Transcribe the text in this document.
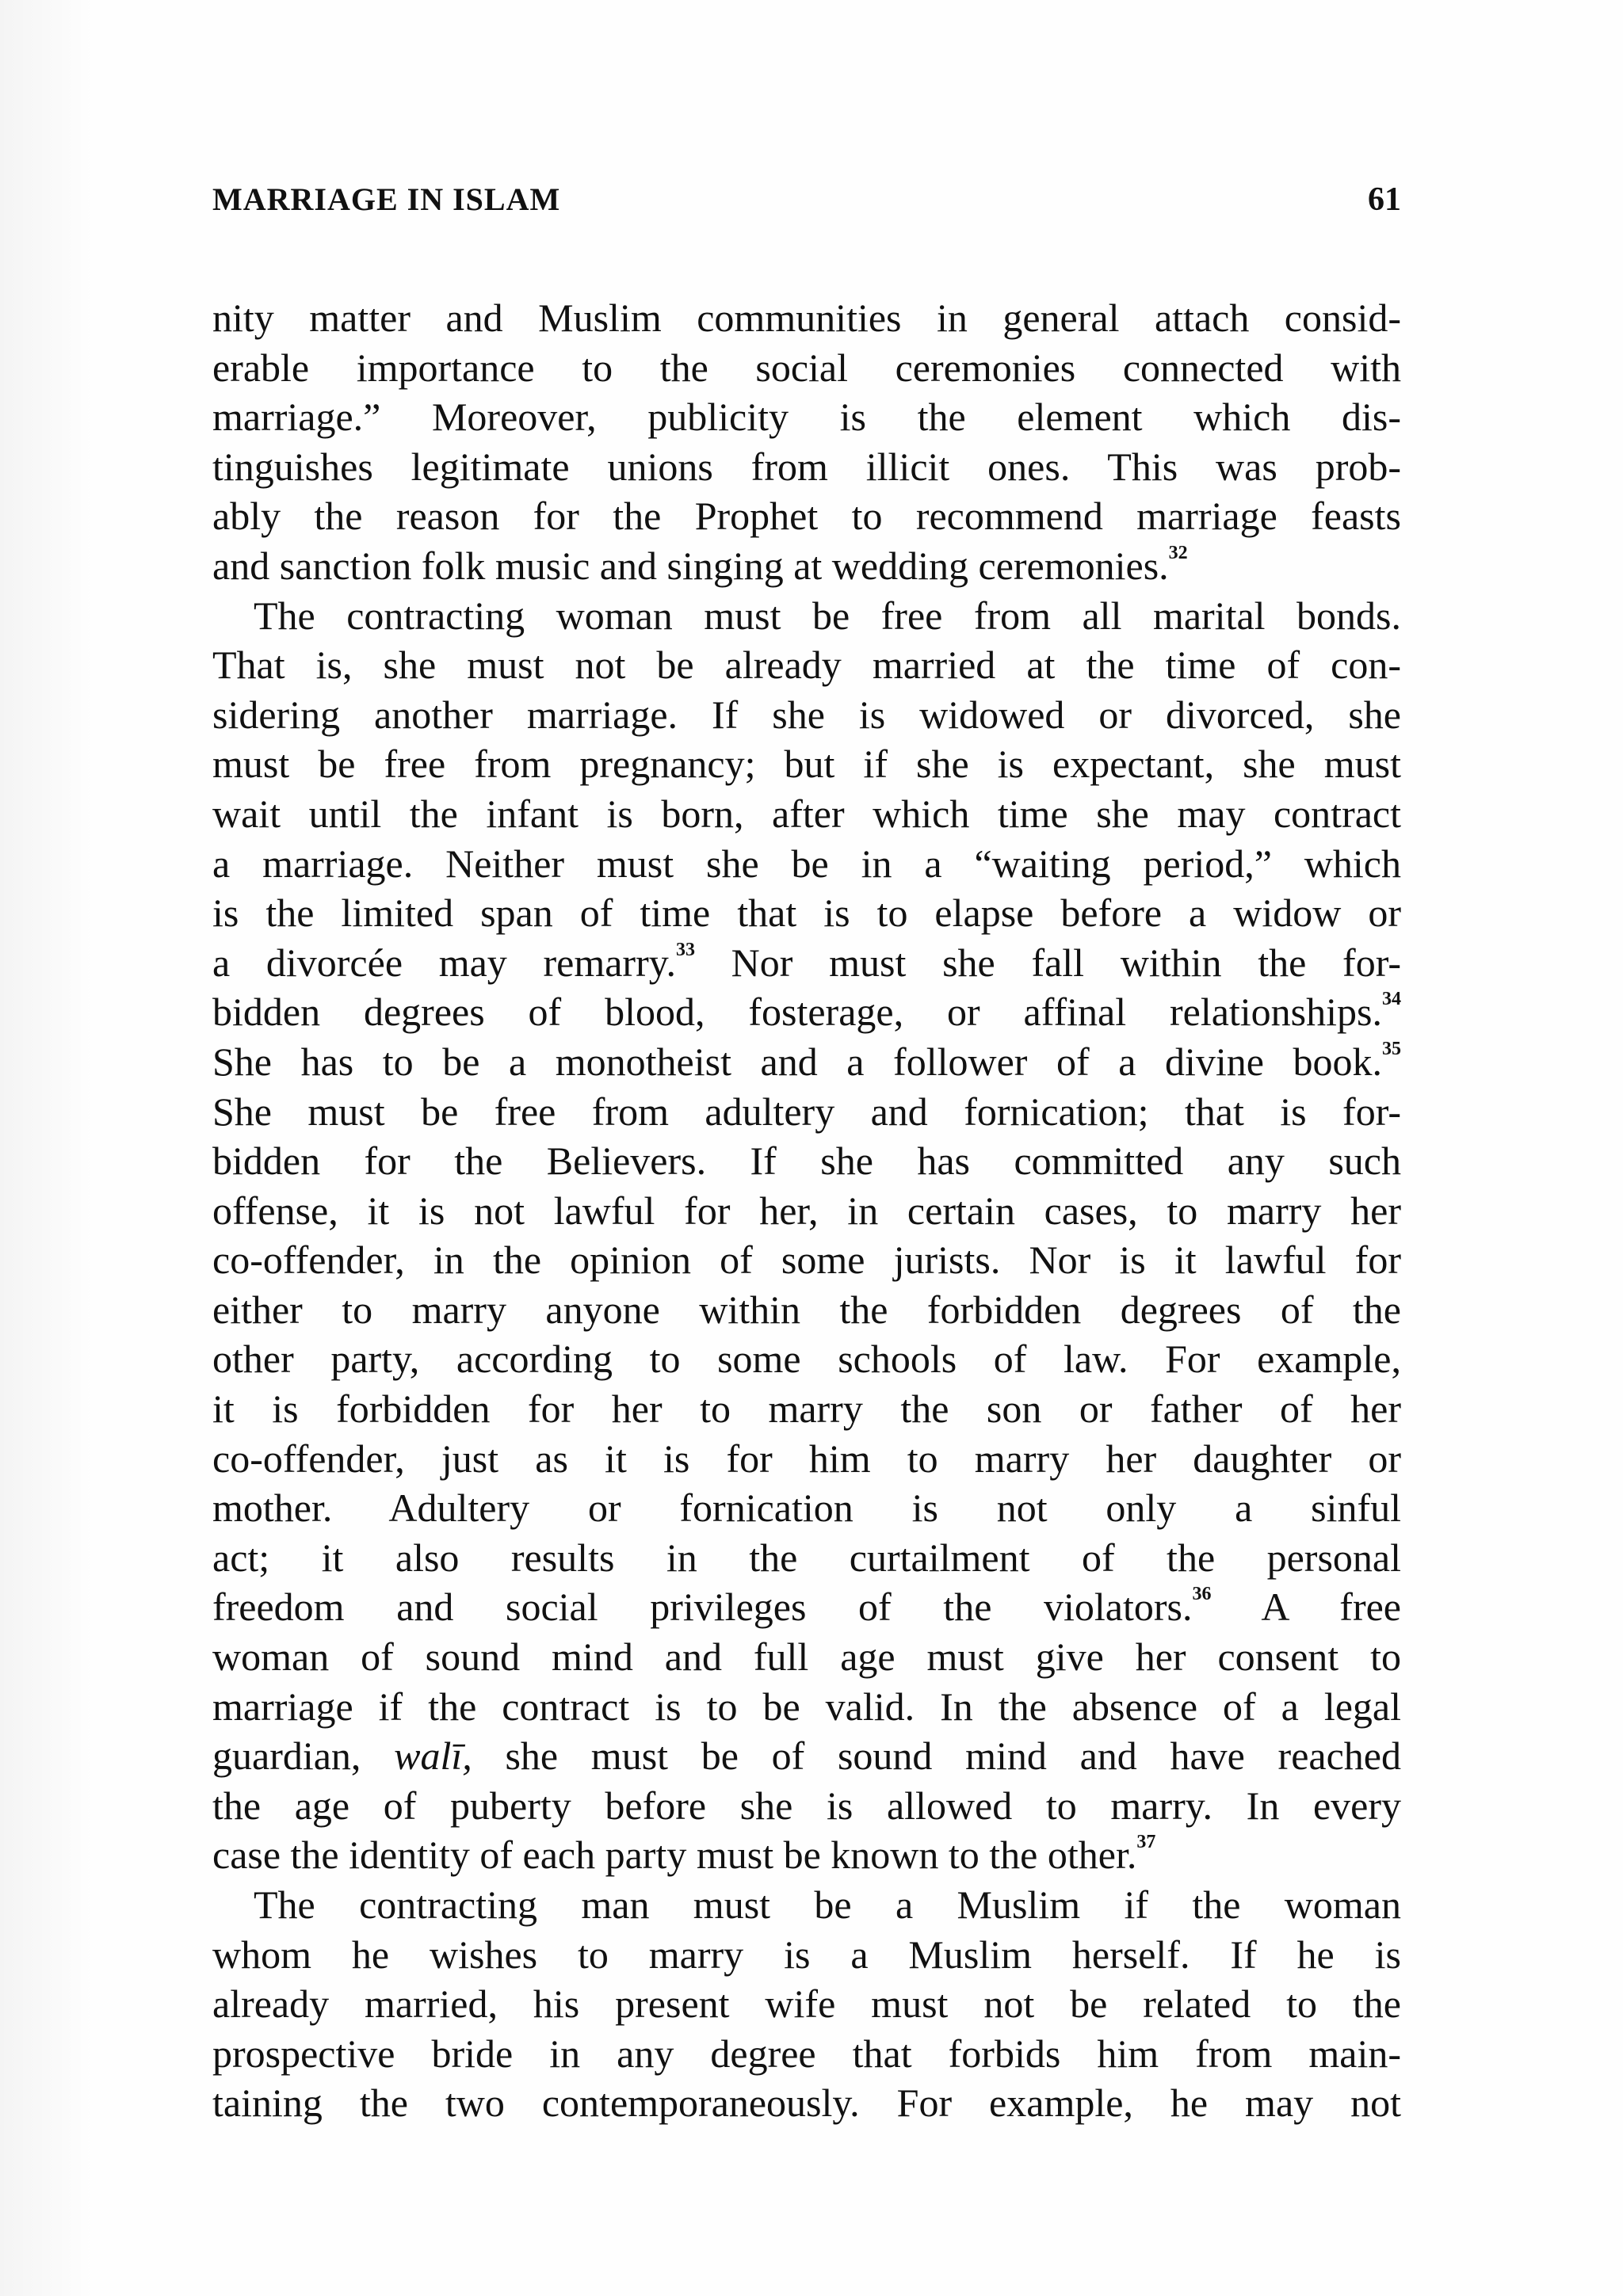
MARRIAGE IN ISLAM	61
nity matter and Muslim communities in general attach consid-
erable importance to the social ceremonies connected with
marriage.” Moreover, publicity is the element which dis-
tinguishes legitimate unions from illicit ones. This was prob-
ably the reason for the Prophet to recommend marriage feasts
and sanction folk music and singing at wedding ceremonies.$^{32}$
The contracting woman must be free from all marital bonds.
That is, she must not be already married at the time of con-
sidering another marriage. If she is widowed or divorced, she
must be free from pregnancy; but if she is expectant, she must
wait until the infant is born, after which time she may contract
a marriage. Neither must she be in a “waiting period,” which
is the limited span of time that is to elapse before a widow or
a divorcée may remarry.$^{33}$ Nor must she fall within the for-
bidden degrees of blood, fosterage, or affinal relationships.$^{34}$
She has to be a monotheist and a follower of a divine book.$^{35}$
She must be free from adultery and fornication; that is for-
bidden for the Believers. If she has committed any such
offense, it is not lawful for her, in certain cases, to marry her
co-offender, in the opinion of some jurists. Nor is it lawful for
either to marry anyone within the forbidden degrees of the
other party, according to some schools of law. For example,
it is forbidden for her to marry the son or father of her
co-offender, just as it is for him to marry her daughter or
mother. Adultery or fornication is not only a sinful
act; it also results in the curtailment of the personal
freedom and social privileges of the violators.$^{36}$ A free
woman of sound mind and full age must give her consent to
marriage if the contract is to be valid. In the absence of a legal
guardian, walī, she must be of sound mind and have reached
the age of puberty before she is allowed to marry. In every
case the identity of each party must be known to the other.$^{37}$
The contracting man must be a Muslim if the woman
whom he wishes to marry is a Muslim herself. If he is
already married, his present wife must not be related to the
prospective bride in any degree that forbids him from main-
taining the two contemporaneously. For example, he may not
